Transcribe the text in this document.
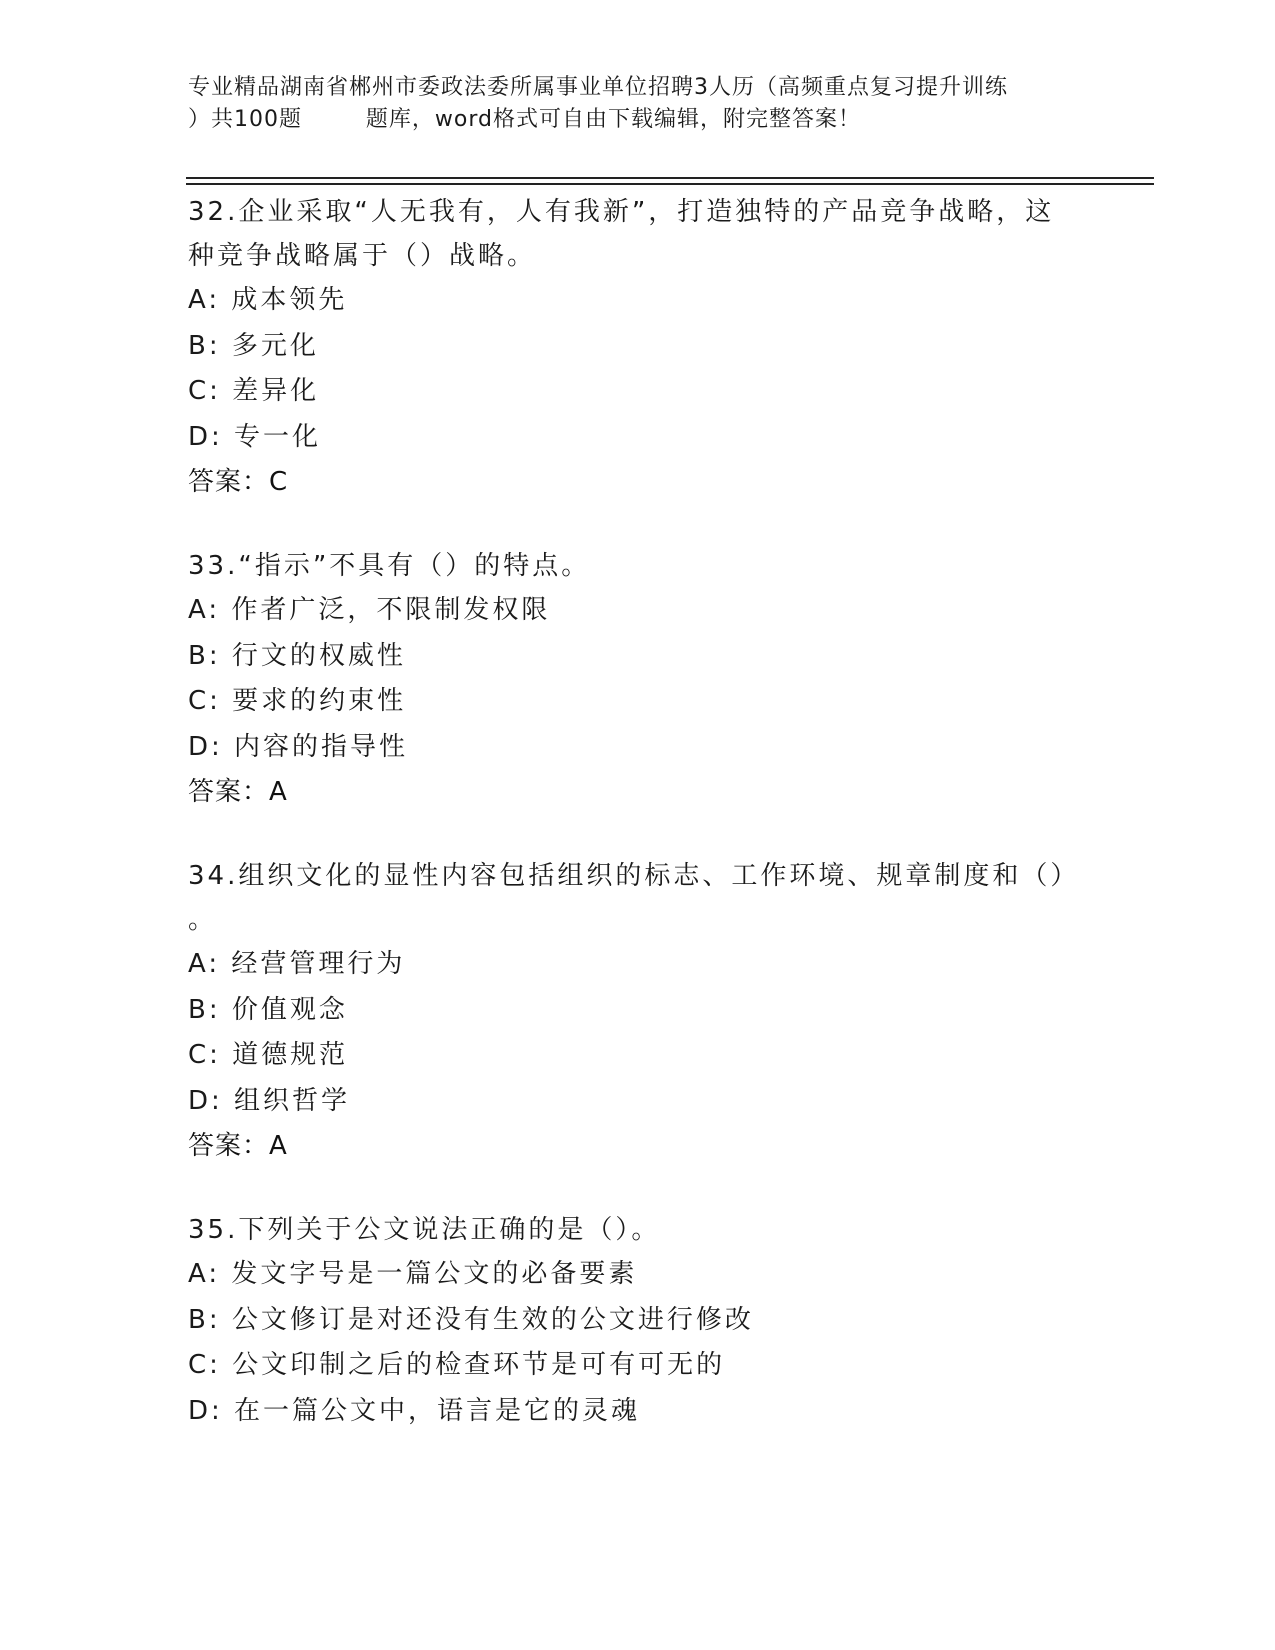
专业精品湖南省郴州市委政法委所属事业单位招聘3人历（高频重点复习提升训练
）共100题        题库，word格式可自由下载编辑，附完整答案！
32.企业采取“人无我有，人有我新”，打造独特的产品竞争战略，这
种竞争战略属于（）战略。
A: 成本领先
B: 多元化
C: 差异化
D: 专一化
答案：C
33.“指示”不具有（）的特点。
A: 作者广泛，不限制发权限
B: 行文的权威性
C: 要求的约束性
D: 内容的指导性
答案：A
34.组织文化的显性内容包括组织的标志、工作环境、规章制度和（）
。
A: 经营管理行为
B: 价值观念
C: 道德规范
D: 组织哲学
答案：A
35.下列关于公文说法正确的是（）。
A: 发文字号是一篇公文的必备要素
B: 公文修订是对还没有生效的公文进行修改
C: 公文印制之后的检查环节是可有可无的
D: 在一篇公文中，语言是它的灵魂
